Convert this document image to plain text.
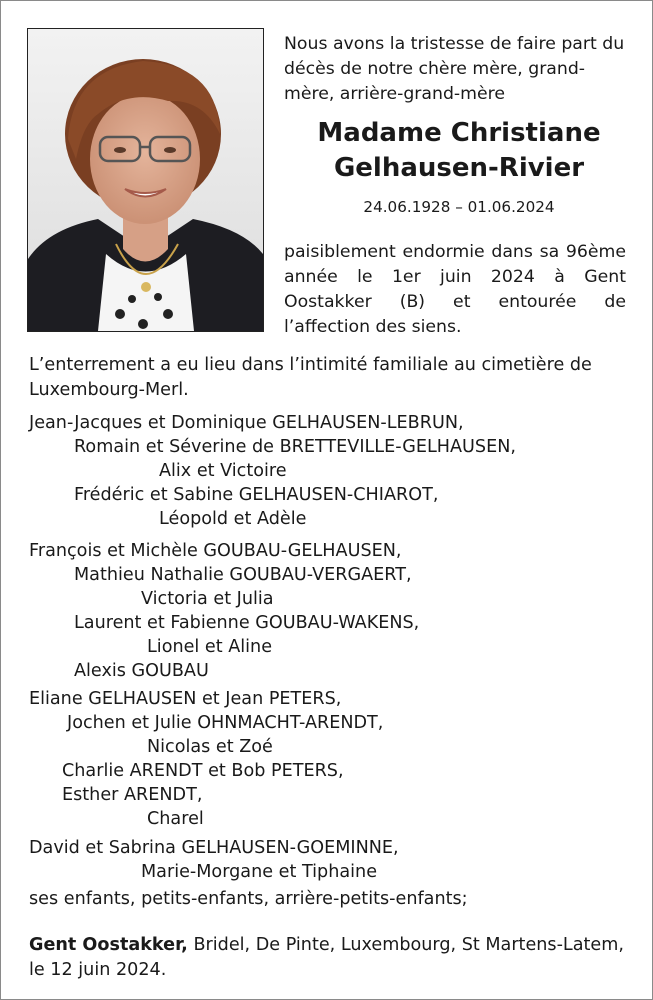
Nous avons la tristesse de faire part du décès de notre chère mère, grand-mère, arrière-grand-mère
Madame Christiane
Gelhausen-Rivier
24.06.1928 – 01.06.2024
paisiblement endormie dans sa 96ème année le 1er juin 2024 à Gent Oostakker (B) et entourée de l’affection des siens.
L’enterrement a eu lieu dans l’intimité familiale au cimetière de Luxembourg-Merl.
Jean-Jacques et Dominique GELHAUSEN-LEBRUN,
Romain et Séverine de BRETTEVILLE-GELHAUSEN,
Alix et Victoire
Frédéric et Sabine GELHAUSEN-CHIAROT,
Léopold et Adèle
François et Michèle GOUBAU-GELHAUSEN,
Mathieu Nathalie GOUBAU-VERGAERT,
Victoria et Julia
Laurent et Fabienne GOUBAU-WAKENS,
Lionel et Aline
Alexis GOUBAU
Eliane GELHAUSEN et Jean PETERS,
Jochen et Julie OHNMACHT-ARENDT,
Nicolas et Zoé
Charlie ARENDT et Bob PETERS,
Esther ARENDT,
Charel
David et Sabrina GELHAUSEN-GOEMINNE,
Marie-Morgane et Tiphaine
ses enfants, petits-enfants, arrière-petits-enfants;
Gent Oostakker, Bridel, De Pinte, Luxembourg, St Martens-Latem, le 12 juin 2024.
